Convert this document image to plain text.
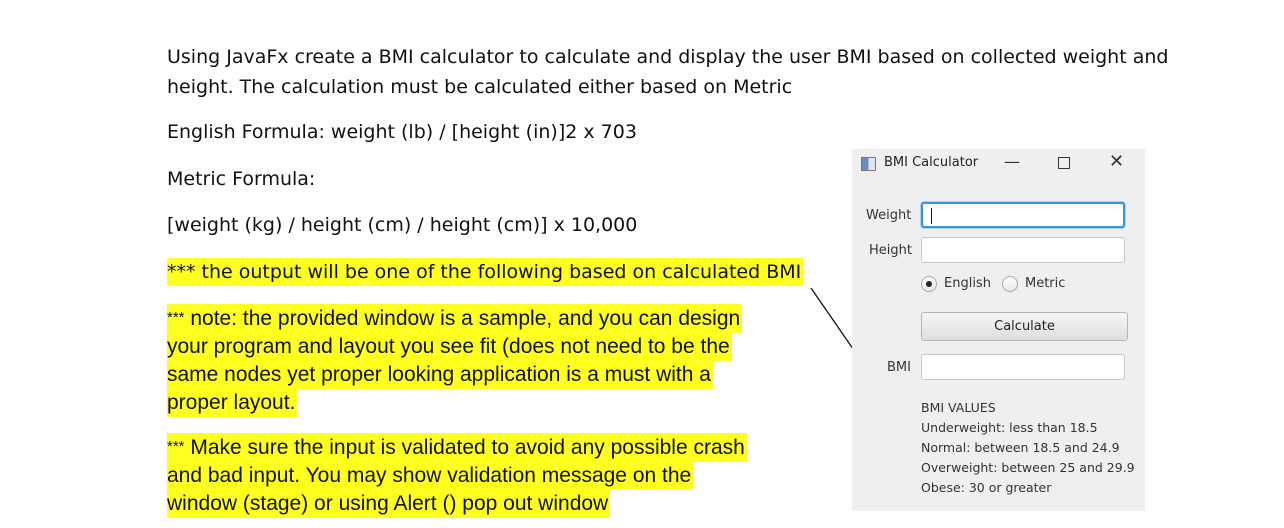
Using JavaFx create a BMI calculator to calculate and display the user BMI based on collected weight and
height. The calculation must be calculated either based on Metric
English Formula: weight (lb) / [height (in)]2 x 703
Metric Formula:
[weight (kg) / height (cm) / height (cm)] x 10,000
*** the output will be one of the following based on calculated BMI
*** note: the provided window is a sample, and you can design
your program and layout you see fit (does not need to be the
same nodes yet proper looking application is a must with a
proper layout.
*** Make sure the input is validated to avoid any possible crash
and bad input. You may show validation message on the
window (stage) or using Alert () pop out window
BMI Calculator —	✕
Weight
Height
English	Metric
Calculate
BMI
BMI VALUES
Underweight: less than 18.5
Normal: between 18.5 and 24.9
Overweight: between 25 and 29.9
Obese: 30 or greater
